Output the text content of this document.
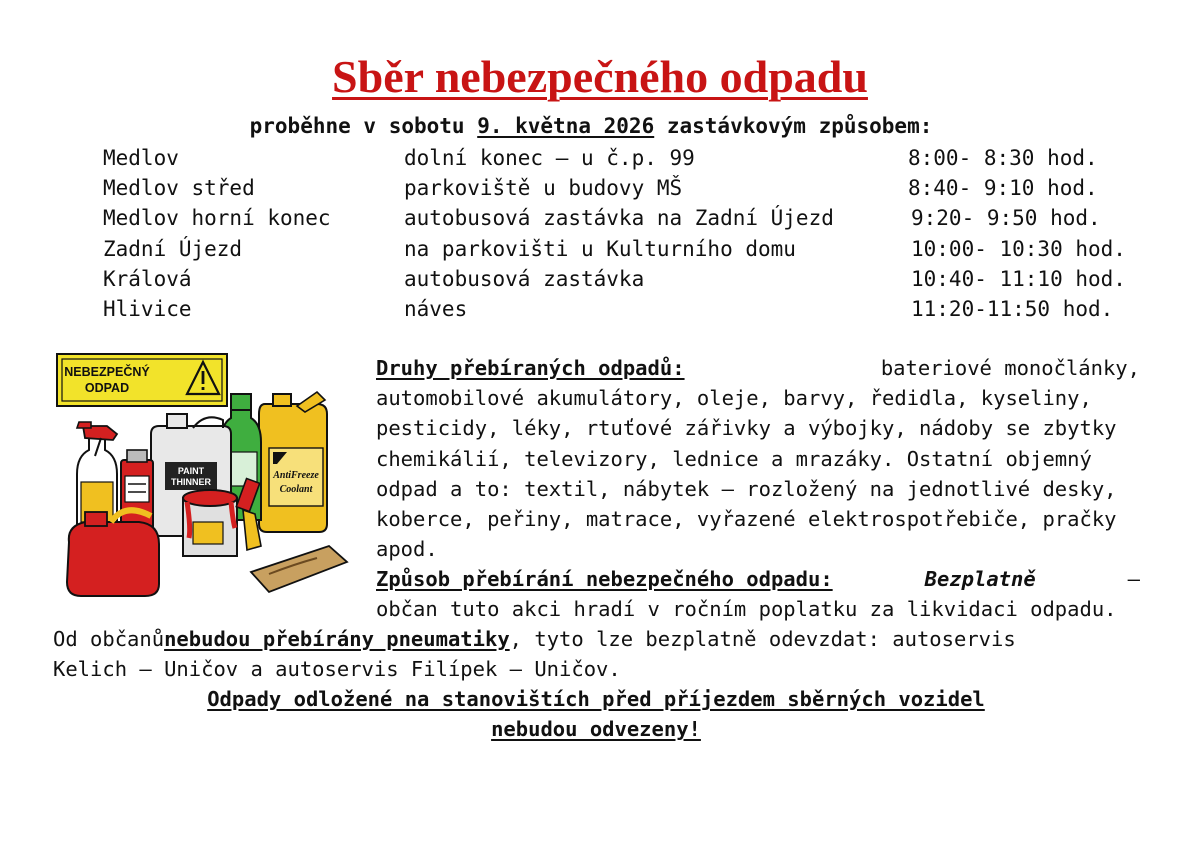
Sběr nebezpečného odpadu
proběhne v sobotu 9. května 2026 zastávkovým způsobem:
Medlov	dolní konec – u č.p. 99	8:00- 8:30 hod.
Medlov střed	parkoviště u budovy MŠ	8:40- 9:10 hod.
Medlov horní konec	autobusová zastávka na Zadní Újezd	9:20- 9:50 hod.
Zadní Újezd	na parkovišti u Kulturního domu	10:00- 10:30 hod.
Králová	autobusová zastávka	10:40- 11:10 hod.
Hlivice	náves	11:20-11:50 hod.
NEBEZPEČNÝ
ODPAD
AntiFreeze
Coolant
PAINT
THINNER
Druhy přebíraných odpadů:	bateriové monočlánky,
automobilové akumulátory, oleje, barvy, ředidla, kyseliny,
pesticidy, léky, rtuťové zářivky a výbojky, nádoby se zbytky
chemikálií, televizory, lednice a mrazáky. Ostatní objemný
odpad a to: textil, nábytek – rozložený na jednotlivé desky,
koberce, peřiny, matrace, vyřazené elektrospotřebiče, pračky
apod.
Způsob přebírání nebezpečného odpadu:	Bezplatně	–
občan tuto akci hradí v ročním poplatku za likvidaci odpadu.
Od občanů nebudou přebírány pneumatiky , tyto lze bezplatně odevzdat: autoservis
Kelich – Uničov a autoservis Filípek – Uničov.
Odpady odložené na stanovištích před příjezdem sběrných vozidel
nebudou odvezeny!
